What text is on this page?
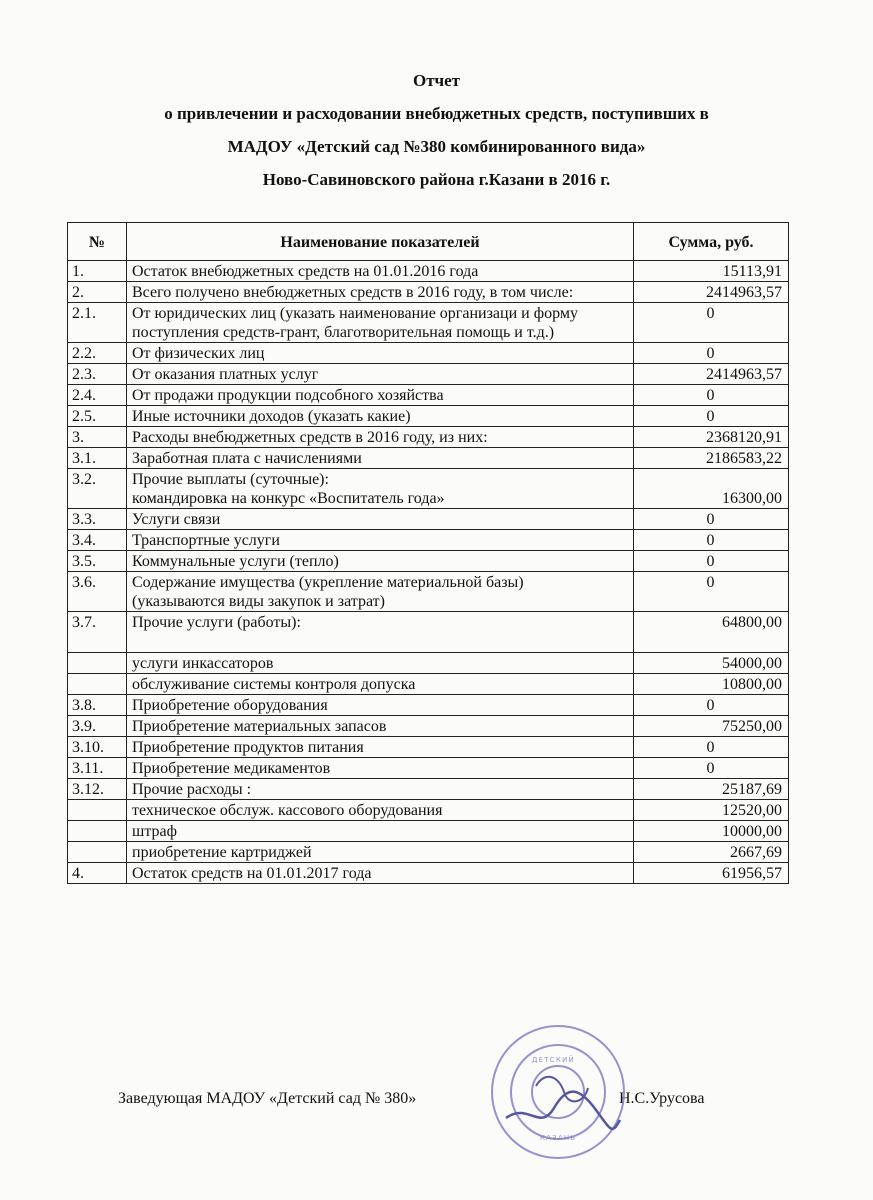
Отчет
о привлечении и расходовании внебюджетных средств, поступивших в
МАДОУ «Детский сад №380 комбинированного вида»
Ново-Савиновского района г.Казани в 2016 г.
№	Наименование показателей	Сумма, руб.
1.	Остаток внебюджетных средств на 01.01.2016 года	15113,91
2.	Всего получено внебюджетных средств в 2016 году, в том числе:	2414963,57
2.1.	От юридических лиц (указать наименование организаци и форму поступления средств-грант, благотворительная помощь и т.д.)	0
2.2.	От физических лиц	0
2.3.	От оказания платных услуг	2414963,57
2.4.	От продажи продукции подсобного хозяйства	0
2.5.	Иные источники доходов (указать какие)	0
3.	Расходы внебюджетных средств в 2016 году, из них:	2368120,91
3.1.	Заработная плата с начислениями	2186583,22
3.2.	Прочие выплаты (суточные):
командировка на конкурс «Воспитатель года»	16300,00
3.3.	Услуги связи	0
3.4.	Транспортные услуги	0
3.5.	Коммунальные услуги (тепло)	0
3.6.	Содержание имущества (укрепление материальной базы)
(указываются виды закупок и затрат)	0
3.7.	Прочие услуги (работы):	64800,00
	услуги инкассаторов	54000,00
	обслуживание системы контроля допуска	10800,00
3.8.	Приобретение оборудования	0
3.9.	Приобретение материальных запасов	75250,00
3.10.	Приобретение продуктов питания	0
3.11.	Приобретение медикаментов	0
3.12.	Прочие расходы :	25187,69
	техническое обслуж. кассового оборудования	12520,00
	штраф	10000,00
	приобретение картриджей	2667,69
4.	Остаток средств на 01.01.2017 года	61956,57
Заведующая МАДОУ «Детский сад № 380»	Н.С.Урусова
ДЕТСКИЙ
КАЗАНЬ
